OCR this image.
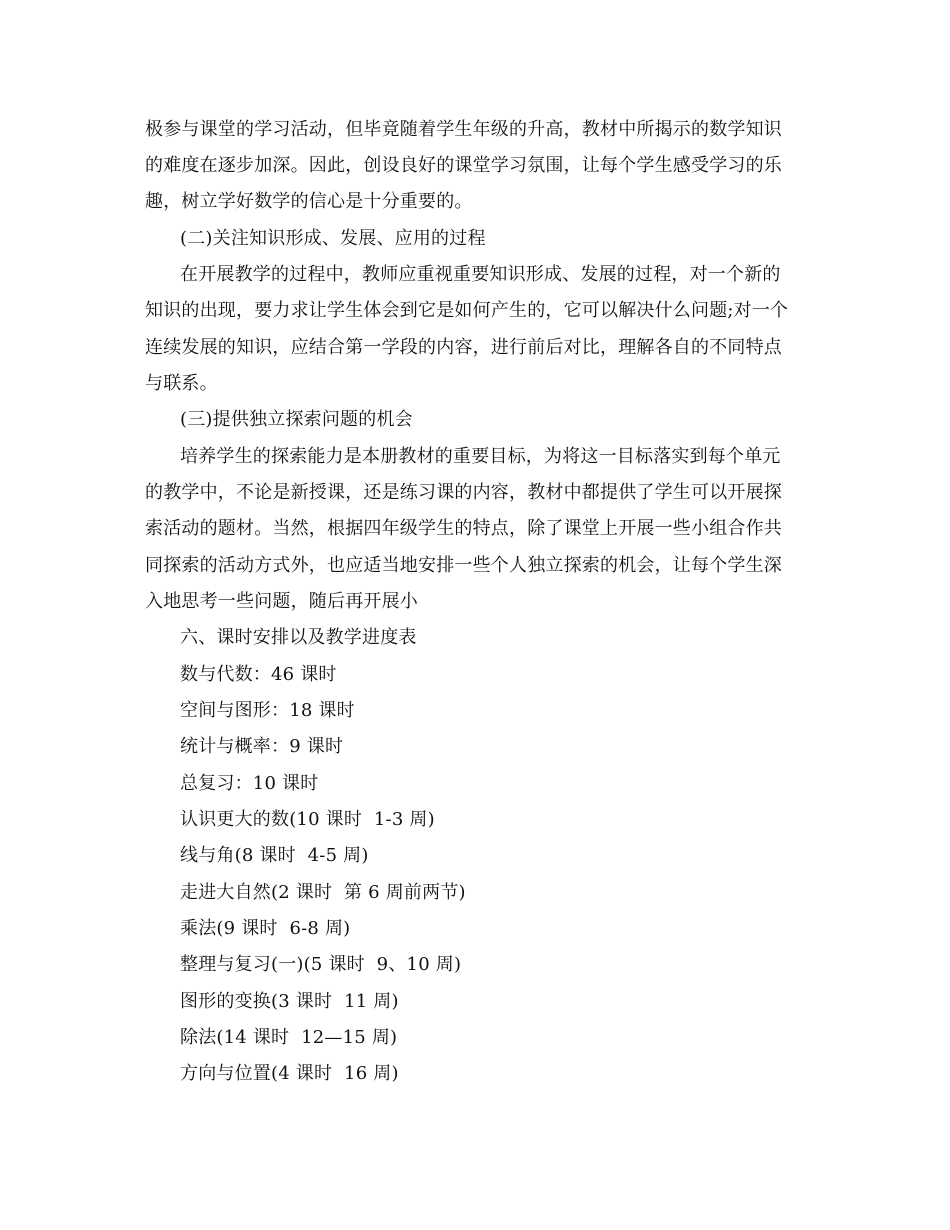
极参与课堂的学习活动，但毕竟随着学生年级的升高，教材中所揭示的数学知识
的难度在逐步加深。因此，创设良好的课堂学习氛围，让每个学生感受学习的乐
趣，树立学好数学的信心是十分重要的。
(二)关注知识形成、发展、应用的过程
在开展教学的过程中，教师应重视重要知识形成、发展的过程，对一个新的
知识的出现，要力求让学生体会到它是如何产生的，它可以解决什么问题;对一个
连续发展的知识，应结合第一学段的内容，进行前后对比，理解各自的不同特点
与联系。
(三)提供独立探索问题的机会
培养学生的探索能力是本册教材的重要目标，为将这一目标落实到每个单元
的教学中，不论是新授课，还是练习课的内容，教材中都提供了学生可以开展探
索活动的题材。当然，根据四年级学生的特点，除了课堂上开展一些小组合作共
同探索的活动方式外，也应适当地安排一些个人独立探索的机会，让每个学生深
入地思考一些问题，随后再开展小
六、课时安排以及教学进度表
数与代数：46 课时
空间与图形：18 课时
统计与概率：9 课时
总复习：10 课时
认识更大的数(10 课时  1-3 周)
线与角(8 课时  4-5 周)
走进大自然(2 课时  第 6 周前两节)
乘法(9 课时  6-8 周)
整理与复习(一)(5 课时  9、10 周)
图形的变换(3 课时  11 周)
除法(14 课时  12—15 周)
方向与位置(4 课时  16 周)
